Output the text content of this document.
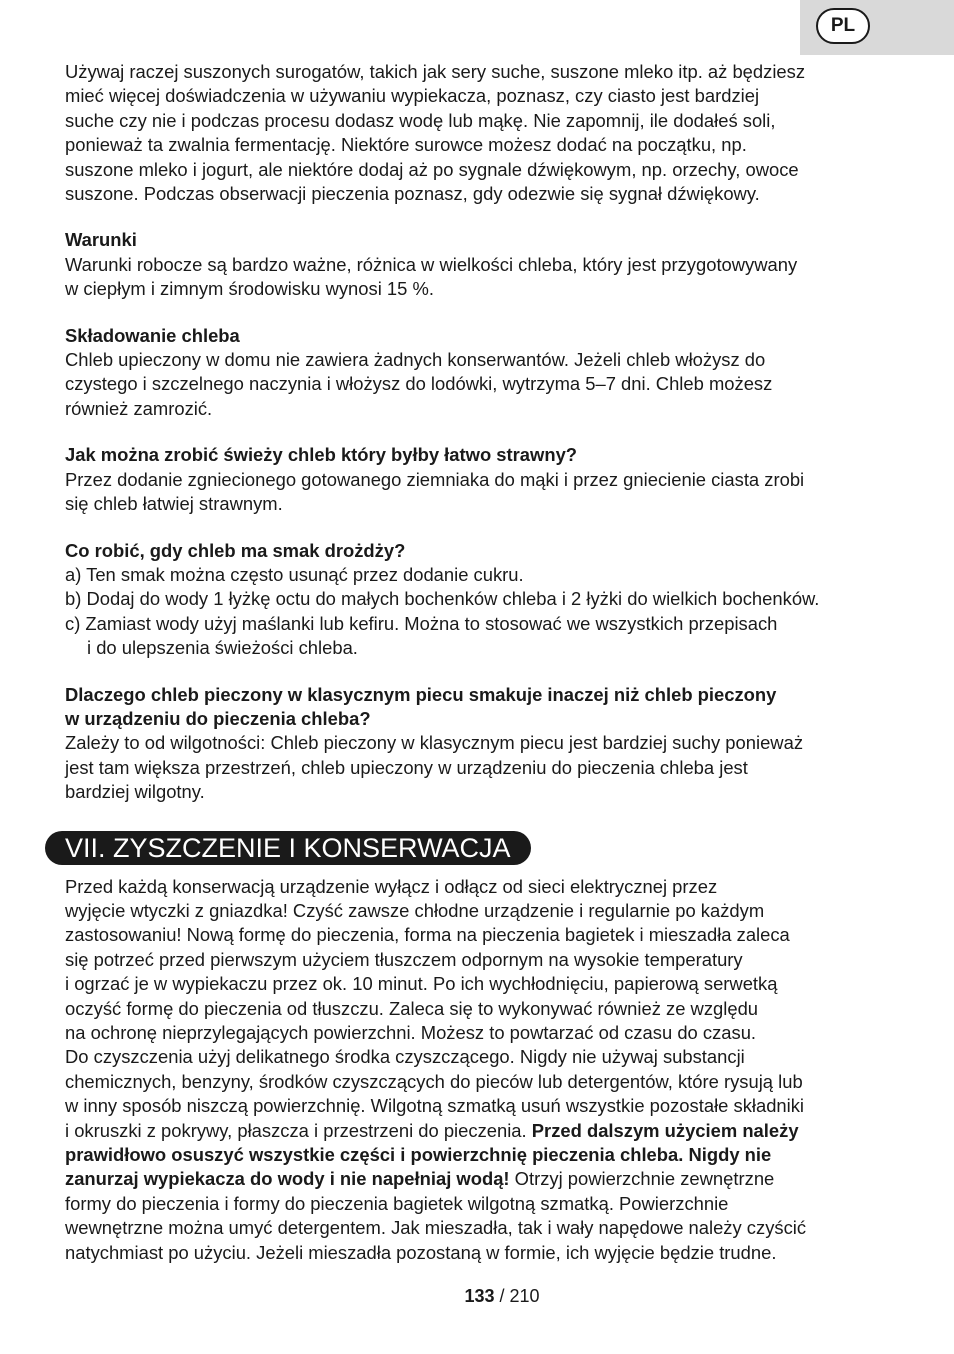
PL

Używaj raczej suszonych surogatów, takich jak sery suche, suszone mleko itp. aż będziesz

mieć więcej doświadczenia w używaniu wypiekacza, poznasz, czy ciasto jest bardziej

suche czy nie i podczas procesu dodasz wodę lub mąkę. Nie zapomnij, ile dodałeś soli,

ponieważ ta zwalnia fermentację. Niektóre surowce możesz dodać na początku, np.

suszone mleko i jogurt, ale niektóre dodaj aż po sygnale dźwiękowym, np. orzechy, owoce

suszone. Podczas obserwacji pieczenia poznasz, gdy odezwie się sygnał dźwiękowy.

Warunki

Warunki robocze są bardzo ważne, różnica w wielkości chleba, który jest przygotowywany

w ciepłym i zimnym środowisku wynosi 15 %.

Składowanie chleba

Chleb upieczony w domu nie zawiera żadnych konserwantów. Jeżeli chleb włożysz do

czystego i szczelnego naczynia i włożysz do lodówki, wytrzyma 5–7 dni. Chleb możesz

również zamrozić.

Jak można zrobić świeży chleb który byłby łatwo strawny?

Przez dodanie zgniecionego gotowanego ziemniaka do mąki i przez gniecienie ciasta zrobi

się chleb łatwiej strawnym.

Co robić, gdy chleb ma smak drożdży?

a) Ten smak można często usunąć przez dodanie cukru.

b) Dodaj do wody 1 łyżkę octu do małych bochenków chleba i 2 łyżki do wielkich bochenków.

c) Zamiast wody użyj maślanki lub kefiru. Można to stosować we wszystkich przepisach

i do ulepszenia świeżości chleba.

Dlaczego chleb pieczony w klasycznym piecu smakuje inaczej niż chleb pieczony

w urządzeniu do pieczenia chleba?

Zależy to od wilgotności: Chleb pieczony w klasycznym piecu jest bardziej suchy ponieważ

jest tam większa przestrzeń, chleb upieczony w urządzeniu do pieczenia chleba jest

bardziej wilgotny.

VII. ZYSZCZENIE I KONSERWACJA

Przed każdą konserwacją urządzenie wyłącz i odłącz od sieci elektrycznej przez

wyjęcie wtyczki z gniazdka! Czyść zawsze chłodne urządzenie i regularnie po każdym

zastosowaniu! Nową formę do pieczenia, forma na pieczenia bagietek i mieszadła zaleca

się potrzeć przed pierwszym użyciem tłuszczem odpornym na wysokie temperatury

i ogrzać je w wypiekaczu przez ok. 10 minut. Po ich wychłodnięciu, papierową serwetką

oczyść formę do pieczenia od tłuszczu. Zaleca się to wykonywać również ze względu

na ochronę nieprzylegających powierzchni. Możesz to powtarzać od czasu do czasu.

Do czyszczenia użyj delikatnego środka czyszczącego. Nigdy nie używaj substancji

chemicznych, benzyny, środków czyszczących do pieców lub detergentów, które rysują lub

w inny sposób niszczą powierzchnię. Wilgotną szmatką usuń wszystkie pozostałe składniki

i okruszki z pokrywy, płaszcza i przestrzeni do pieczenia. Przed dalszym użyciem należy

prawidłowo osuszyć wszystkie części i powierzchnię pieczenia chleba. Nigdy nie

zanurzaj wypiekacza do wody i nie napełniaj wodą! Otrzyj powierzchnie zewnętrzne

formy do pieczenia i formy do pieczenia bagietek wilgotną szmatką. Powierzchnie

wewnętrzne można umyć detergentem. Jak mieszadła, tak i wały napędowe należy czyścić

natychmiast po użyciu. Jeżeli mieszadła pozostaną w formie, ich wyjęcie będzie trudne.

133 / 210
